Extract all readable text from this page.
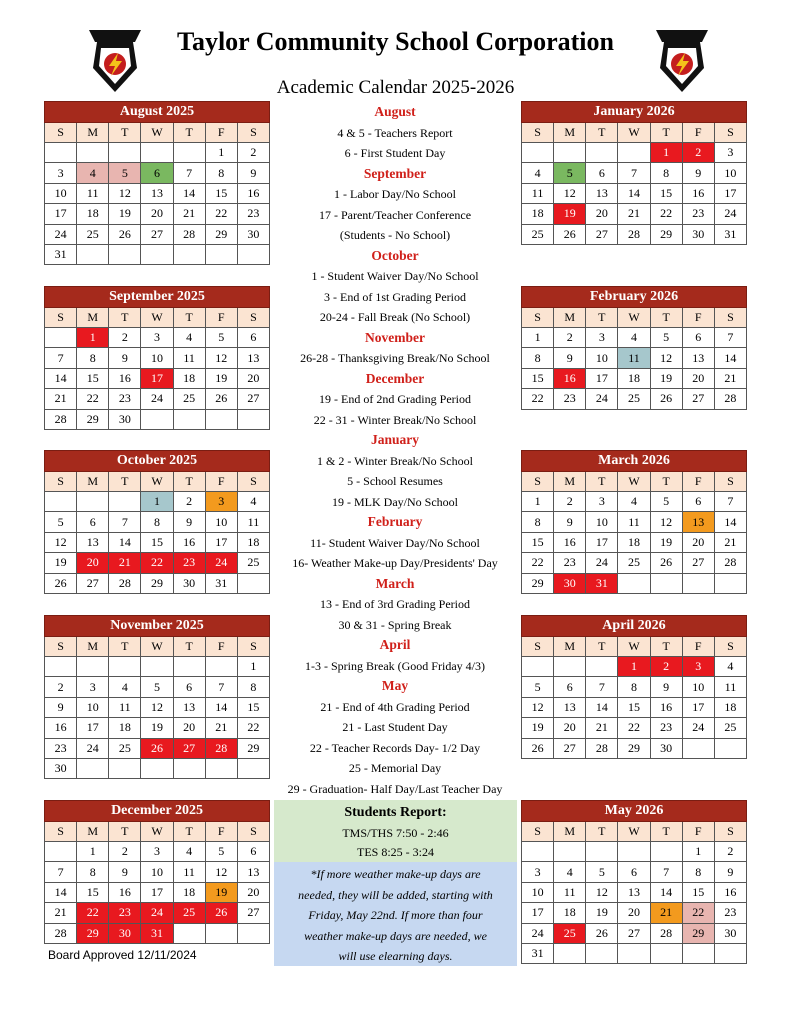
Taylor Community School Corporation
Academic Calendar 2025-2026
August 2025						
S	M	T	W	T	F	S
					1	2
3	4	5	6	7	8	9
10	11	12	13	14	15	16
17	18	19	20	21	22	23
24	25	26	27	28	29	30
31						
September 2025						
S	M	T	W	T	F	S
	1	2	3	4	5	6
7	8	9	10	11	12	13
14	15	16	17	18	19	20
21	22	23	24	25	26	27
28	29	30				
October 2025						
S	M	T	W	T	F	S
			1	2	3	4
5	6	7	8	9	10	11
12	13	14	15	16	17	18
19	20	21	22	23	24	25
26	27	28	29	30	31	
November 2025						
S	M	T	W	T	F	S
						1
2	3	4	5	6	7	8
9	10	11	12	13	14	15
16	17	18	19	20	21	22
23	24	25	26	27	28	29
30						
December 2025						
S	M	T	W	T	F	S
	1	2	3	4	5	6
7	8	9	10	11	12	13
14	15	16	17	18	19	20
21	22	23	24	25	26	27
28	29	30	31			
January 2026						
S	M	T	W	T	F	S
				1	2	3
4	5	6	7	8	9	10
11	12	13	14	15	16	17
18	19	20	21	22	23	24
25	26	27	28	29	30	31
February 2026						
S	M	T	W	T	F	S
1	2	3	4	5	6	7
8	9	10	11	12	13	14
15	16	17	18	19	20	21
22	23	24	25	26	27	28
March 2026						
S	M	T	W	T	F	S
1	2	3	4	5	6	7
8	9	10	11	12	13	14
15	16	17	18	19	20	21
22	23	24	25	26	27	28
29	30	31				
April 2026						
S	M	T	W	T	F	S
			1	2	3	4
5	6	7	8	9	10	11
12	13	14	15	16	17	18
19	20	21	22	23	24	25
26	27	28	29	30		
May 2026						
S	M	T	W	T	F	S
					1	2
3	4	5	6	7	8	9
10	11	12	13	14	15	16
17	18	19	20	21	22	23
24	25	26	27	28	29	30
31						
August
4 & 5 - Teachers Report
6 - First Student Day
September
1 - Labor Day/No School
17 - Parent/Teacher Conference
(Students - No School)
October
1 - Student Waiver Day/No School
3 - End of 1st Grading Period
20-24 - Fall Break (No School)
November
26-28 - Thanksgiving Break/No School
December
19 - End of 2nd Grading Period
22 - 31 - Winter Break/No School
January
1 & 2 - Winter Break/No School
5 - School Resumes
19 - MLK Day/No School
February
11- Student Waiver Day/No School
16- Weather Make-up Day/Presidents' Day
March
13 - End of 3rd Grading Period
30 & 31 - Spring Break
April
1-3 - Spring Break (Good Friday 4/3)
May
21 - End of 4th Grading Period
21 - Last Student Day
22 - Teacher Records Day- 1/2 Day
25 - Memorial Day
29 - Graduation- Half Day/Last Teacher Day
Students Report:
TMS/THS 7:50 - 2:46
TES 8:25 - 3:24
*If more weather make-up days are
needed, they will be added, starting with
Friday, May 22nd. If more than four
weather make-up days are needed, we
will use elearning days.
Board Approved 12/11/2024
